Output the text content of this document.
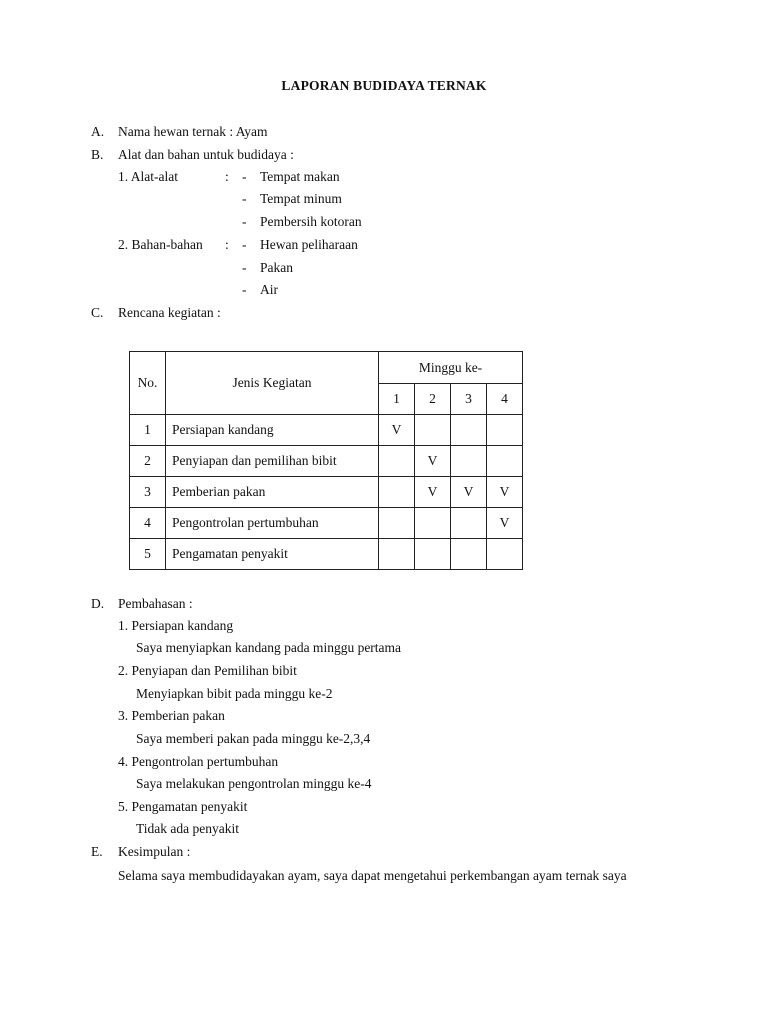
LAPORAN BUDIDAYA TERNAK
A. Nama hewan ternak : Ayam
B. Alat dan bahan untuk budidaya :
1. Alat-alat	: - Tempat makan
- Tempat minum
- Pembersih kotoran
2. Bahan-bahan : - Hewan peliharaan
- Pakan
- Air
C. Rencana kegiatan :
No.	Jenis Kegiatan	Minggu ke-			
		1	2	3	4
1	Persiapan kandang	V			
2	Penyiapan dan pemilihan bibit		V		
3	Pemberian pakan		V	V	V
4	Pengontrolan pertumbuhan				V
5	Pengamatan penyakit				
D. Pembahasan :
1. Persiapan kandang
Saya menyiapkan kandang pada minggu pertama
2. Penyiapan dan Pemilihan bibit
Menyiapkan bibit pada minggu ke-2
3. Pemberian pakan
Saya memberi pakan pada minggu ke-2,3,4
4. Pengontrolan pertumbuhan
Saya melakukan pengontrolan minggu ke-4
5. Pengamatan penyakit
Tidak ada penyakit
E. Kesimpulan :
Selama saya membudidayakan ayam, saya dapat mengetahui perkembangan ayam ternak saya
